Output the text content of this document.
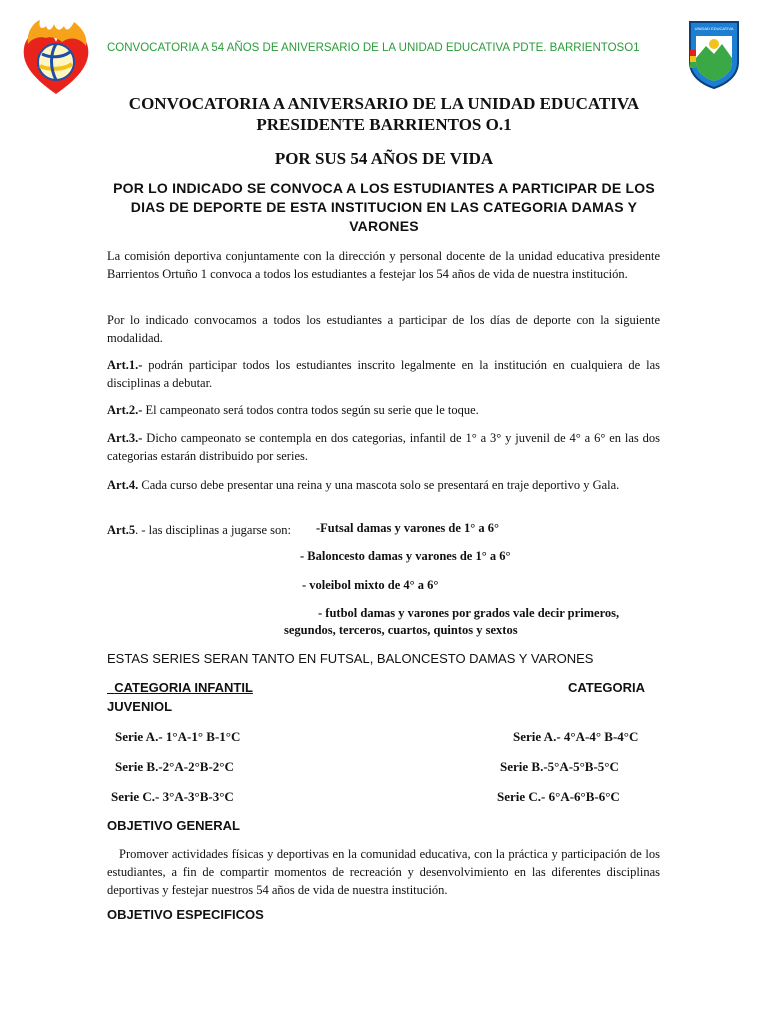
CONVOCATORIA A 54 AÑOS DE ANIVERSARIO DE LA UNIDAD EDUCATIVA PDTE. BARRIENTOSO1
UNIDAD EDUCATIVA
CONVOCATORIA A ANIVERSARIO DE LA UNIDAD EDUCATIVA
PRESIDENTE BARRIENTOS O.1
POR SUS 54 AÑOS DE VIDA
POR LO INDICADO SE CONVOCA A LOS ESTUDIANTES A PARTICIPAR DE LOS DIAS DE DEPORTE DE ESTA INSTITUCION EN LAS CATEGORIA DAMAS Y VARONES
La comisión deportiva conjuntamente con la dirección y personal docente de la unidad educativa presidente Barrientos Ortuño 1 convoca a todos los estudiantes a festejar los 54 años de vida de nuestra institución.
Por lo indicado convocamos a todos los estudiantes a participar de los días de deporte con la siguiente modalidad.
Art.1.- podrán participar todos los estudiantes inscrito legalmente en la institución en cualquiera de las disciplinas a debutar.
Art.2.- El campeonato será todos contra todos según su serie que le toque.
Art.3.- Dicho campeonato se contempla en dos categorias, infantil de 1° a 3° y juvenil de 4° a 6° en las dos categorias estarán distribuido por series.
Art.4. Cada curso debe presentar una reina y una mascota solo se presentará en traje deportivo y Gala.
Art.5. - las disciplinas a jugarse son:	-Futsal damas y varones de 1° a 6°
- Baloncesto damas y varones de 1° a 6°
- voleibol mixto de 4° a 6°
- futbol damas y varones por grados vale decir primeros,
segundos, terceros, cuartos, quintos y sextos
ESTAS SERIES SERAN TANTO EN FUTSAL, BALONCESTO DAMAS Y VARONES
CATEGORIA INFANTIL	CATEGORIA
JUVENIOL
Serie A.- 1°A-1° B-1°C
Serie B.-2°A-2°B-2°C
Serie C.- 3°A-3°B-3°C
Serie A.- 4°A-4° B-4°C
Serie B.-5°A-5°B-5°C
Serie C.- 6°A-6°B-6°C
OBJETIVO GENERAL
Promover actividades físicas y deportivas en la comunidad educativa, con la práctica y participación de los estudiantes, a fin de compartir momentos de recreación y desenvolvimiento en las diferentes disciplinas deportivas y festejar nuestros 54 años de vida de nuestra institución.
OBJETIVO ESPECIFICOS
